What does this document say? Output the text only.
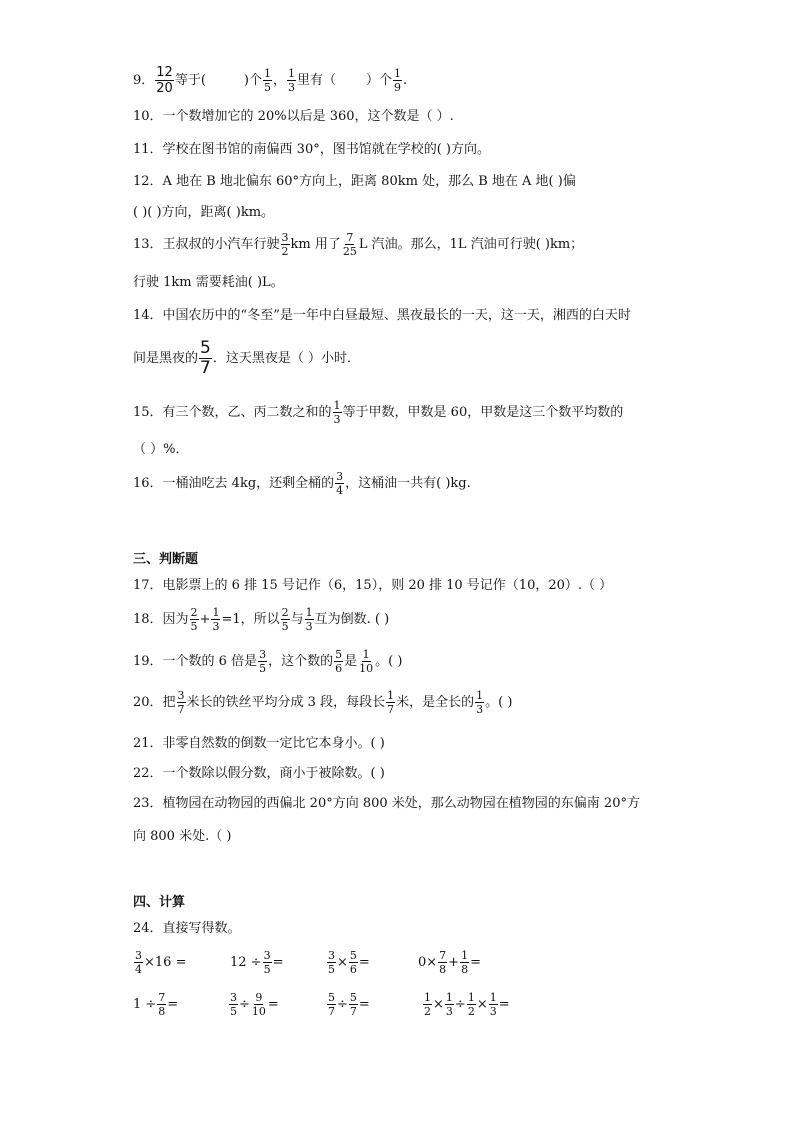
9． $\frac{12}{20}$ 等于(	)个 $\frac{1}{5}$ ， $\frac{1}{3}$ 里有（ ）个 $\frac{1}{9}$ .
10．一个数增加它的 20%以后是 360，这个数是（ ）.
11．学校在图书馆的南偏西 30°，图书馆就在学校的( )方向。
12．A 地在 B 地北偏东 60°方向上，距离 80km 处，那么 B 地在 A 地( )偏
( )( )方向，距离( )km。
13．王叔叔的小汽车行驶 $\frac{3}{2}$ km 用了 $\frac{7}{25}$ L 汽油。那么，1L 汽油可行驶( )km；
行驶 1km 需要耗油( )L。
14．中国农历中的“冬至”是一年中白昼最短、黑夜最长的一天，这一天，湘西的白天时
间是黑夜的 $\frac{5}{7}$ ．这天黑夜是（ ）小时．
15．有三个数，乙、丙二数之和的 $\frac{1}{3}$ 等于甲数，甲数是 60，甲数是这三个数平均数的
（ ）%．
16．一桶油吃去 4kg，还剩全桶的 $\frac{3}{4}$ ，这桶油一共有( )kg.
三、判断题
17．电影票上的 6 排 15 号记作（6，15），则 20 排 10 号记作（10，20）.（ ）
18．因为 $\frac{2}{5} + \frac{1}{3} =1$，所以 $\frac{2}{5}$ 与 $\frac{1}{3}$ 互为倒数. ( )
19．一个数的 6 倍是 $\frac{3}{5}$ ，这个数的 $\frac{5}{6}$ 是 $\frac{1}{10}$ 。( )
20．把 $\frac{3}{7}$ 米长的铁丝平均分成 3 段，每段长 $\frac{1}{7}$ 米，是全长的 $\frac{1}{3}$ 。( )
21．非零自然数的倒数一定比它本身小。( )
22．一个数除以假分数，商小于被除数。( )
23．植物园在动物园的西偏北 20°方向 800 米处，那么动物园在植物园的东偏南 20°方
向 800 米处.（ )
四、计算
24．直接写得数。
$\frac{3}{4} \times 16$ =	$12 \div \frac{3}{5}$ =	$\frac{3}{5} \times \frac{5}{6}$ =	$0\times \frac{7}{8} + \frac{1}{8}$ =
$1 \div \frac{7}{8}$ =	$\frac{3}{5} \div \frac{9}{10}$ =	$\frac{5}{7} \div \frac{5}{7}$ =	$\frac{1}{2} \times \frac{1}{3} \div \frac{1}{2} \times \frac{1}{3}$ =
